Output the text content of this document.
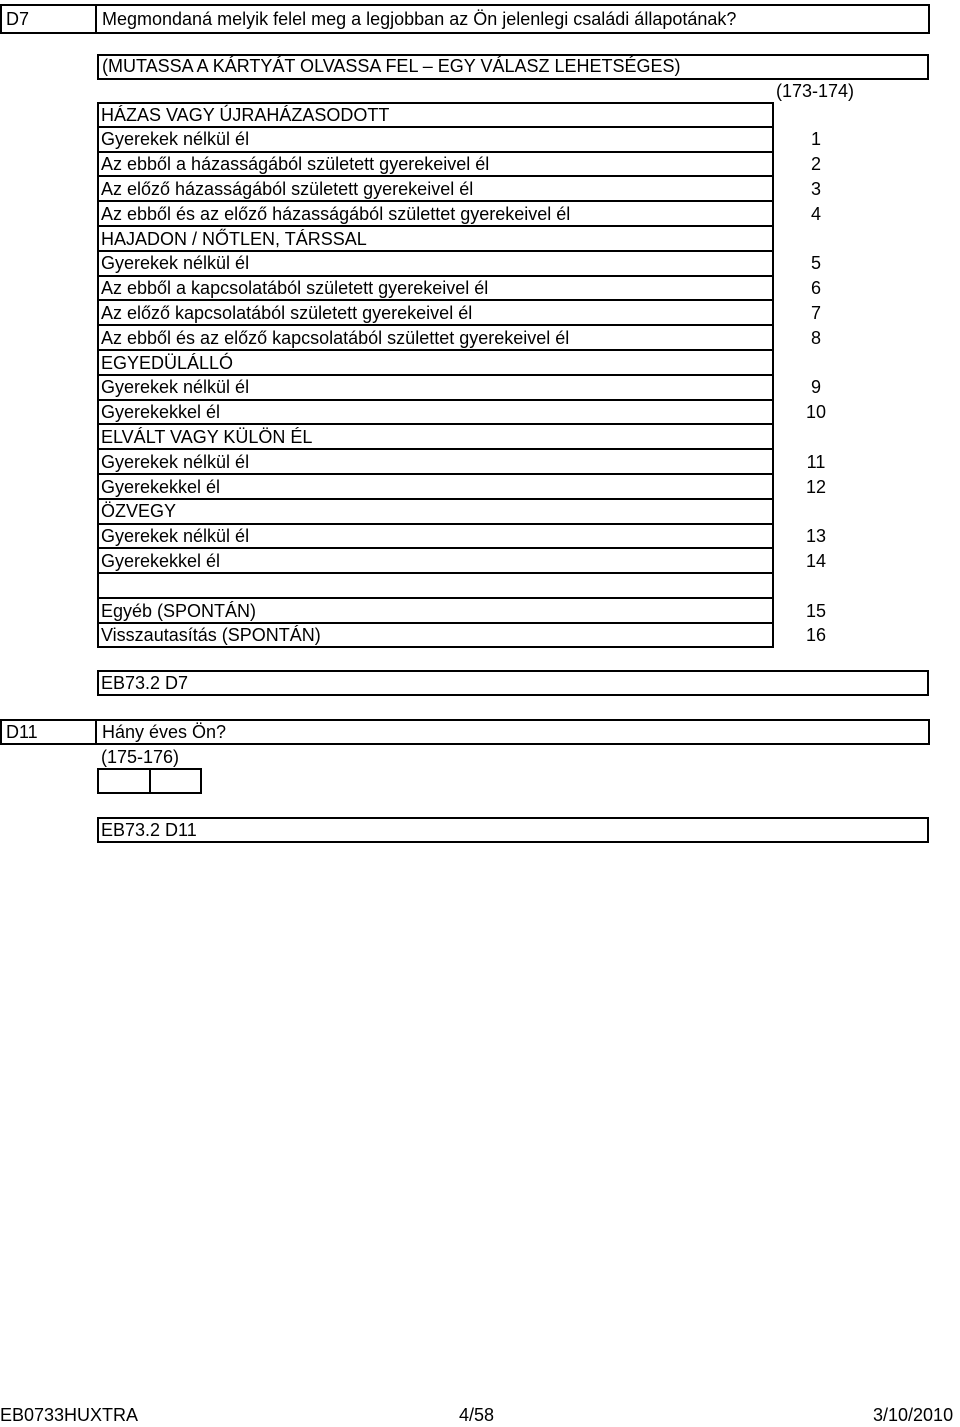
D7	Megmondaná melyik felel meg a legjobban az Ön jelenlegi családi állapotának?
(MUTASSA A KÁRTYÁT OLVASSA FEL – EGY VÁLASZ LEHETSÉGES)
(173-174)
HÁZAS VAGY ÚJRAHÁZASODOTT
Gyerekek nélkül él	1
Az ebből a házasságából született gyerekeivel él	2
Az előző házasságából született gyerekeivel él	3
Az ebből és az előző házasságából születtet gyerekeivel él	4
HAJADON / NŐTLEN, TÁRSSAL
Gyerekek nélkül él	5
Az ebből a kapcsolatából született gyerekeivel él	6
Az előző kapcsolatából született gyerekeivel él	7
Az ebből és az előző kapcsolatából születtet gyerekeivel él	8
EGYEDÜLÁLLÓ
Gyerekek nélkül él	9
Gyerekekkel él	10
ELVÁLT VAGY KÜLÖN ÉL
Gyerekek nélkül él	11
Gyerekekkel él	12
ÖZVEGY
Gyerekek nélkül él	13
Gyerekekkel él	14
Egyéb (SPONTÁN)	15
Visszautasítás (SPONTÁN)	16
EB73.2 D7
D11	Hány éves Ön?
(175-176)
EB73.2 D11
EB0733HUXTRA	4/58	3/10/2010
